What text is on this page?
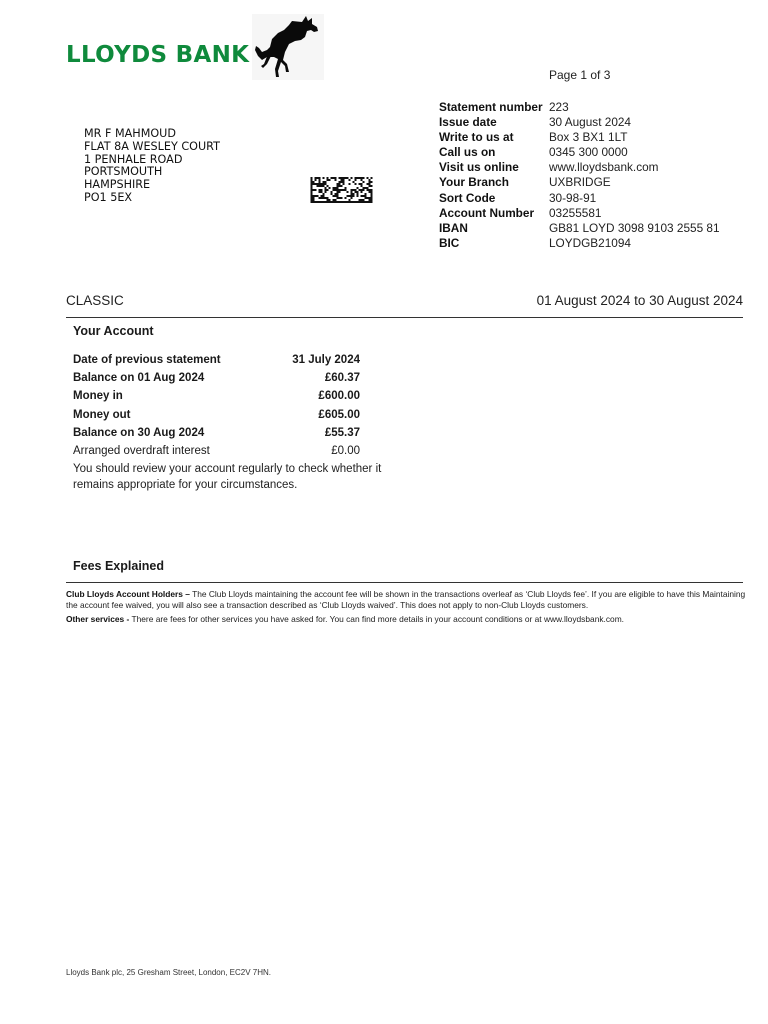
LLOYDS BANK
Page 1 of 3
MR F MAHMOUD
FLAT 8A WESLEY COURT
1 PENHALE ROAD
PORTSMOUTH
HAMPSHIRE
PO1 5EX
Statement number 223
Issue date	30 August 2024
Write to us at	Box 3 BX1 1LT
Call us on	0345 300 0000
Visit us online	www.lloydsbank.com
Your Branch	UXBRIDGE
Sort Code	30-98-91
Account Number	03255581
IBAN	GB81 LOYD 3098 9103 2555 81
BIC	LOYDGB21094
CLASSIC	01 August 2024 to 30 August 2024
Your Account
Date of previous statement	31 July 2024
Balance on 01 Aug 2024	£60.37
Money in	£600.00
Money out	£605.00
Balance on 30 Aug 2024	£55.37
Arranged overdraft interest	£0.00
You should review your account regularly to check whether it remains appropriate for your circumstances.
Fees Explained

Club Lloyds Account Holders – The Club Lloyds maintaining the account fee will be shown in the transactions overleaf as ‘Club Lloyds fee’. If you are eligible to have this Maintaining the account fee waived, you will also see a transaction described as ‘Club Lloyds waived’. This does not apply to non-Club Lloyds customers.

Other services - There are fees for other services you have asked for. You can find more details in your account conditions or at www.lloydsbank.com.

Lloyds Bank plc, 25 Gresham Street, London, EC2V 7HN.
